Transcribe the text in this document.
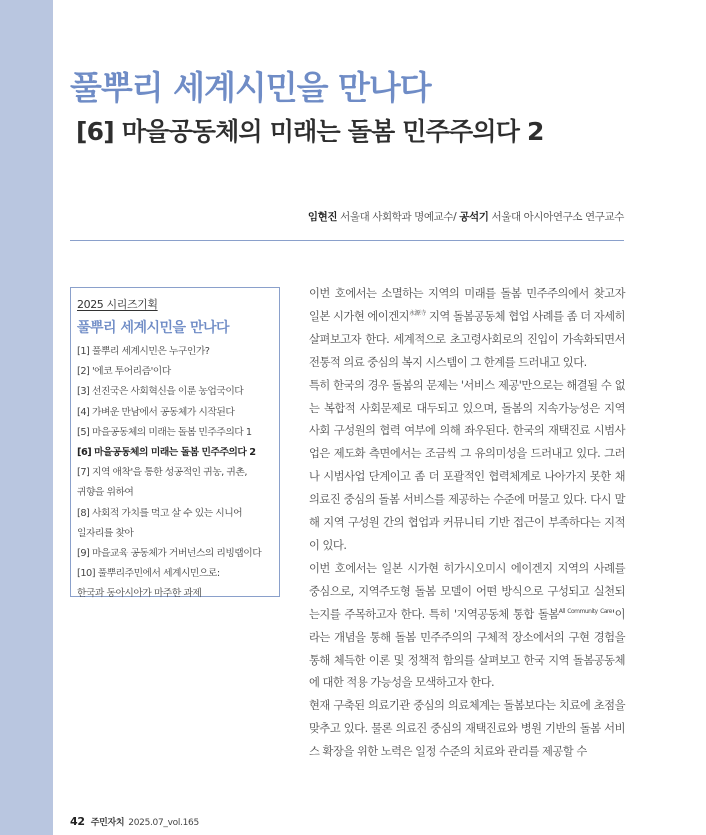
풀뿌리 세계시민을 만나다
[6] 마을공동체의 미래는 돌봄 민주주의다 2
임현진 서울대 사회학과 명예교수/ 공석기 서울대 아시아연구소 연구교수
2025 시리즈기획
풀뿌리 세계시민을 만나다
[1] 풀뿌리 세계시민은 누구인가?
[2] '에코 투어리즘'이다
[3] 선진국은 사회혁신을 이룬 농업국이다
[4] 가벼운 만남에서 공동체가 시작된다
[5] 마을공동체의 미래는 돌봄 민주주의다 1
[6] 마을공동체의 미래는 돌봄 민주주의다 2
[7] 지역 애착'을 통한 성공적인 귀농, 귀촌,
귀향을 위하여
[8] 사회적 가치를 먹고 살 수 있는 시니어
일자리를 찾아
[9] 마을교육 공동체가 거버넌스의 리빙랩이다
[10] 풀뿌리주민에서 세계시민으로:
한국과 동아시아가 마주한 과제

이번 호에서는 소멸하는 지역의 미래를 돌봄 민주주의에서 찾고자 일본 시가현 에이겐지$^{永源寺}$ 지역 돌봄공동체 협업 사례를 좀 더 자세히 살펴보고자 한다. 세계적으로 초고령사회로의 진입이 가속화되면서 전통적 의료 중심의 복지 시스템이 그 한계를 드러내고 있다.

특히 한국의 경우 돌봄의 문제는 '서비스 제공'만으로는 해결될 수 없는 복합적 사회문제로 대두되고 있으며, 돌봄의 지속가능성은 지역사회 구성원의 협력 여부에 의해 좌우된다. 한국의 재택진료 시범사업은 제도화 측면에서는 조금씩 그 유의미성을 드러내고 있다. 그러나 시범사업 단계이고 좀 더 포괄적인 협력체계로 나아가지 못한 채 의료진 중심의 돌봄 서비스를 제공하는 수준에 머물고 있다. 다시 말해 지역 구성원 간의 협업과 커뮤니티 기반 접근이 부족하다는 지적이 있다.

이번 호에서는 일본 시가현 히가시오미시 에이겐지 지역의 사례를 중심으로, 지역주도형 돌봄 모델이 어떤 방식으로 구성되고 실천되는지를 주목하고자 한다. 특히 '지역공동체 통합 돌봄$^{All Community Care}$'이라는 개념을 통해 돌봄 민주주의의 구체적 장소에서의 구현 경험을 통해 체득한 이론 및 정책적 함의를 살펴보고 한국 지역 돌봄공동체에 대한 적용 가능성을 모색하고자 한다.

현재 구축된 의료기관 중심의 의료체계는 돌봄보다는 치료에 초점을 맞추고 있다. 물론 의료진 중심의 재택진료와 병원 기반의 돌봄 서비스 확장을 위한 노력은 일정 수준의 치료와 관리를 제공할 수

42 주민자치 2025.07_vol.165
